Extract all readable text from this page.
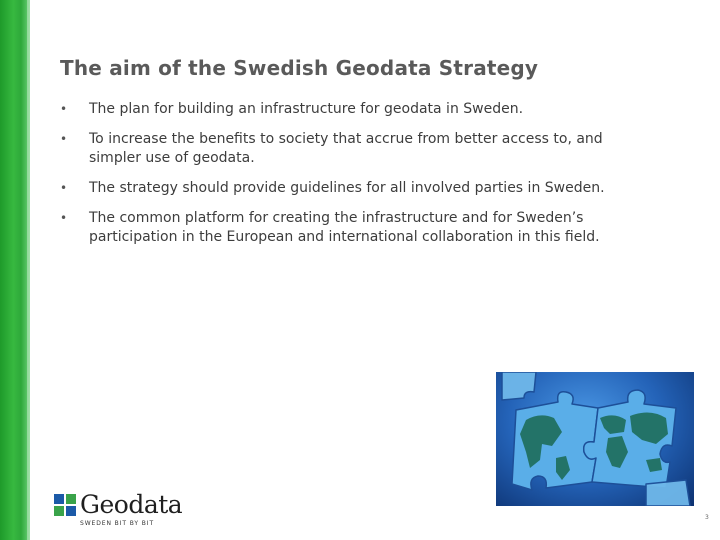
The aim of the Swedish Geodata Strategy
• The plan for building an infrastructure for geodata in Sweden.
• To increase the benefits to society that accrue from better access to, and simpler use of geodata.
• The strategy should provide guidelines for all involved parties in Sweden.
• The common platform for creating the infrastructure and for Sweden’s participation in the European and international collaboration in this field.
Geodata
SWEDEN BIT BY BIT
3
